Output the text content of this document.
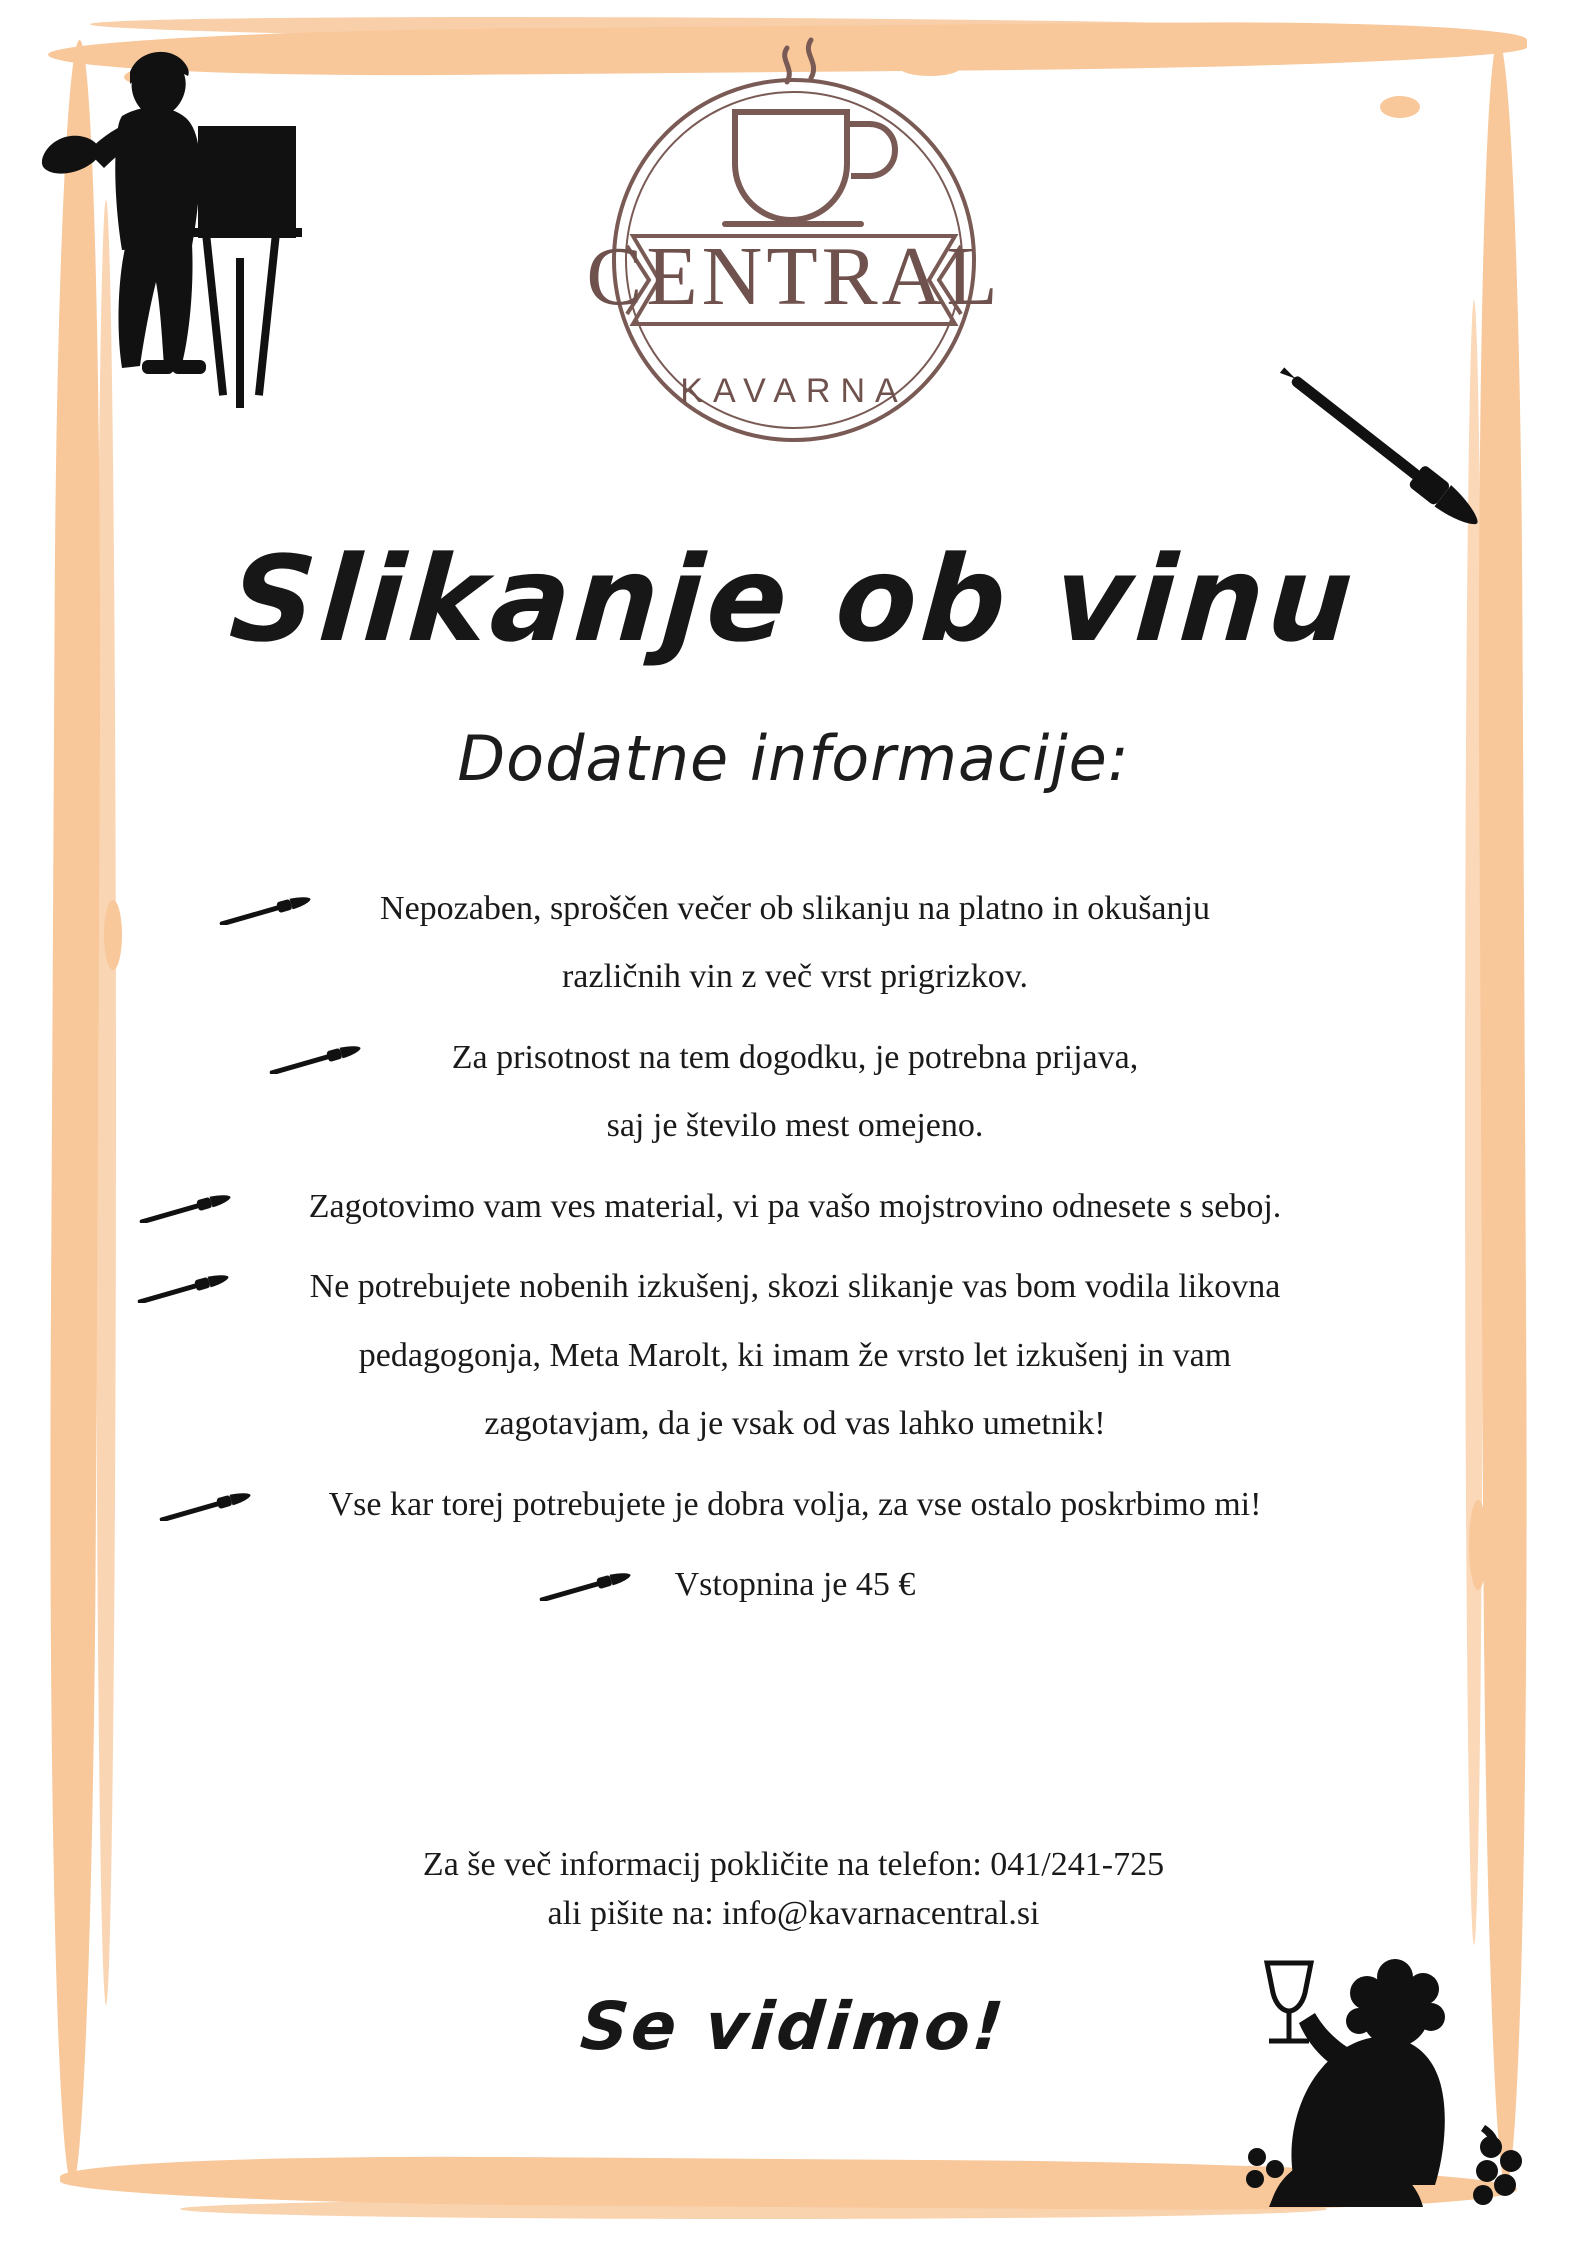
CENTRAL
KAVARNA
Slikanje ob vinu
Dodatne informacije:

Nepozaben, sproščen večer ob slikanju na platno in okušanju

različnih vin z več vrst prigrizkov.

Za prisotnost na tem dogodku, je potrebna prijava,

saj je število mest omejeno.

Zagotovimo vam ves material, vi pa vašo mojstrovino odnesete s seboj.

Ne potrebujete nobenih izkušenj, skozi slikanje vas bom vodila likovna

pedagogonja, Meta Marolt, ki imam že vrsto let izkušenj in vam

zagotavjam, da je vsak od vas lahko umetnik!

Vse kar torej potrebujete je dobra volja, za vse ostalo poskrbimo mi!

Vstopnina je 45 €

Za še več informacij pokličite na telefon: 041/241-725
ali pišite na: info@kavarnacentral.si
Se vidimo!
